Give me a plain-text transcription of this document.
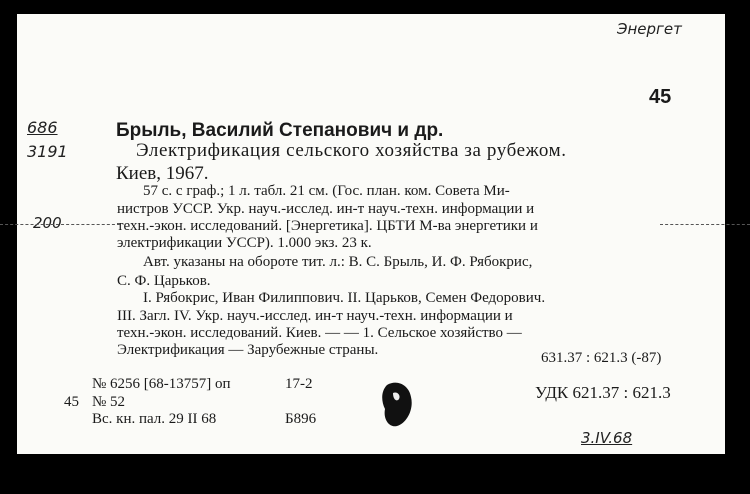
Энергет
686
3191
200
3.IV.68
45
Брыль, Василий Степанович и др.
Электрификация сельского хозяйства за рубежом.
Киев, 1967.
57 с. с граф.; 1 л. табл. 21 см. (Гос. план. ком. Совета Ми-
нистров УССР. Укр. науч.-исслед. ин-т науч.-техн. информации и
техн.-экон. исследований. [Энергетика]. ЦБТИ М-ва энергетики и
электрификации УССР). 1.000 экз. 23 к.
Авт. указаны на обороте тит. л.: В. С. Брыль, И. Ф. Рябокрис,
С. Ф. Царьков.
I. Рябокрис, Иван Филиппович. II. Царьков, Семен Федорович.
III. Загл. IV. Укр. науч.-исслед. ин-т науч.-техн. информации и
техн.-экон. исследований. Киев. — — 1. Сельское хозяйство —
Электрификация — Зарубежные страны.	631.37 : 621.3 (-87)
№ 6256 [68-13757] оп	17-2
45 № 52
Вс. кн. пал. 29 II 68	Б896
УДК 621.37 : 621.3
